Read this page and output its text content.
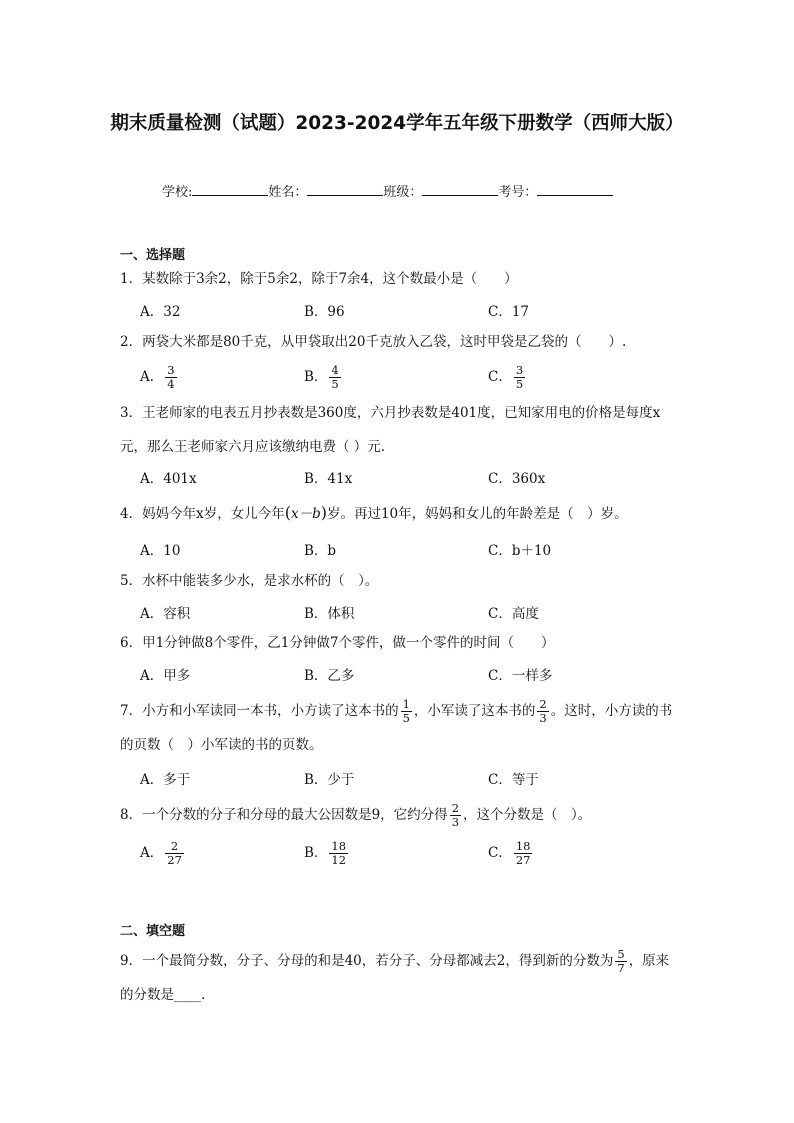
期末质量检测（试题）2023-2024学年五年级下册数学（西师大版）
学校:	姓名：	班级：	考号：
一、选择题
1．某数除于3余2，除于5余2，除于7余4，这个数最小是（　　）
A．32	B．96	C．17
2．两袋大米都是80千克，从甲袋取出20千克放入乙袋，这时甲袋是乙袋的（　　）.
A． $\frac{3}{4}$	B． $\frac{4}{5}$	C． $\frac{3}{5}$
3．王老师家的电表五月抄表数是360度，六月抄表数是401度，已知家用电的价格是每度x元，那么王老师家六月应该缴纳电费（ ）元.
A．401x	B．41x	C．360x
4．妈妈今年x岁，女儿今年(x－b)岁。再过10年，妈妈和女儿的年龄差是（　）岁。
A．10	B．b	C．b＋10
5．水杯中能装多少水，是求水杯的（　）。
A．容积	B．体积	C．高度
6．甲1分钟做8个零件，乙1分钟做7个零件，做一个零件的时间（　　）
A．甲多	B．乙多	C．一样多
7．小方和小军读同一本书，小方读了这本书的 $\frac{1}{5}$ ，小军读了这本书的 $\frac{2}{3}$ 。这时，小方读的书的页数（　）小军读的书的页数。
A．多于	B．少于	C．等于
8．一个分数的分子和分母的最大公因数是9，它约分得 $\frac{2}{3}$ ，这个分数是（　）。
A． $\frac{2}{27}$	B． $\frac{18}{12}$	C． $\frac{18}{27}$
二、填空题
9．一个最简分数，分子、分母的和是40，若分子、分母都减去2，得到新的分数为 $\frac{5}{7}$ ，原来的分数是____.
